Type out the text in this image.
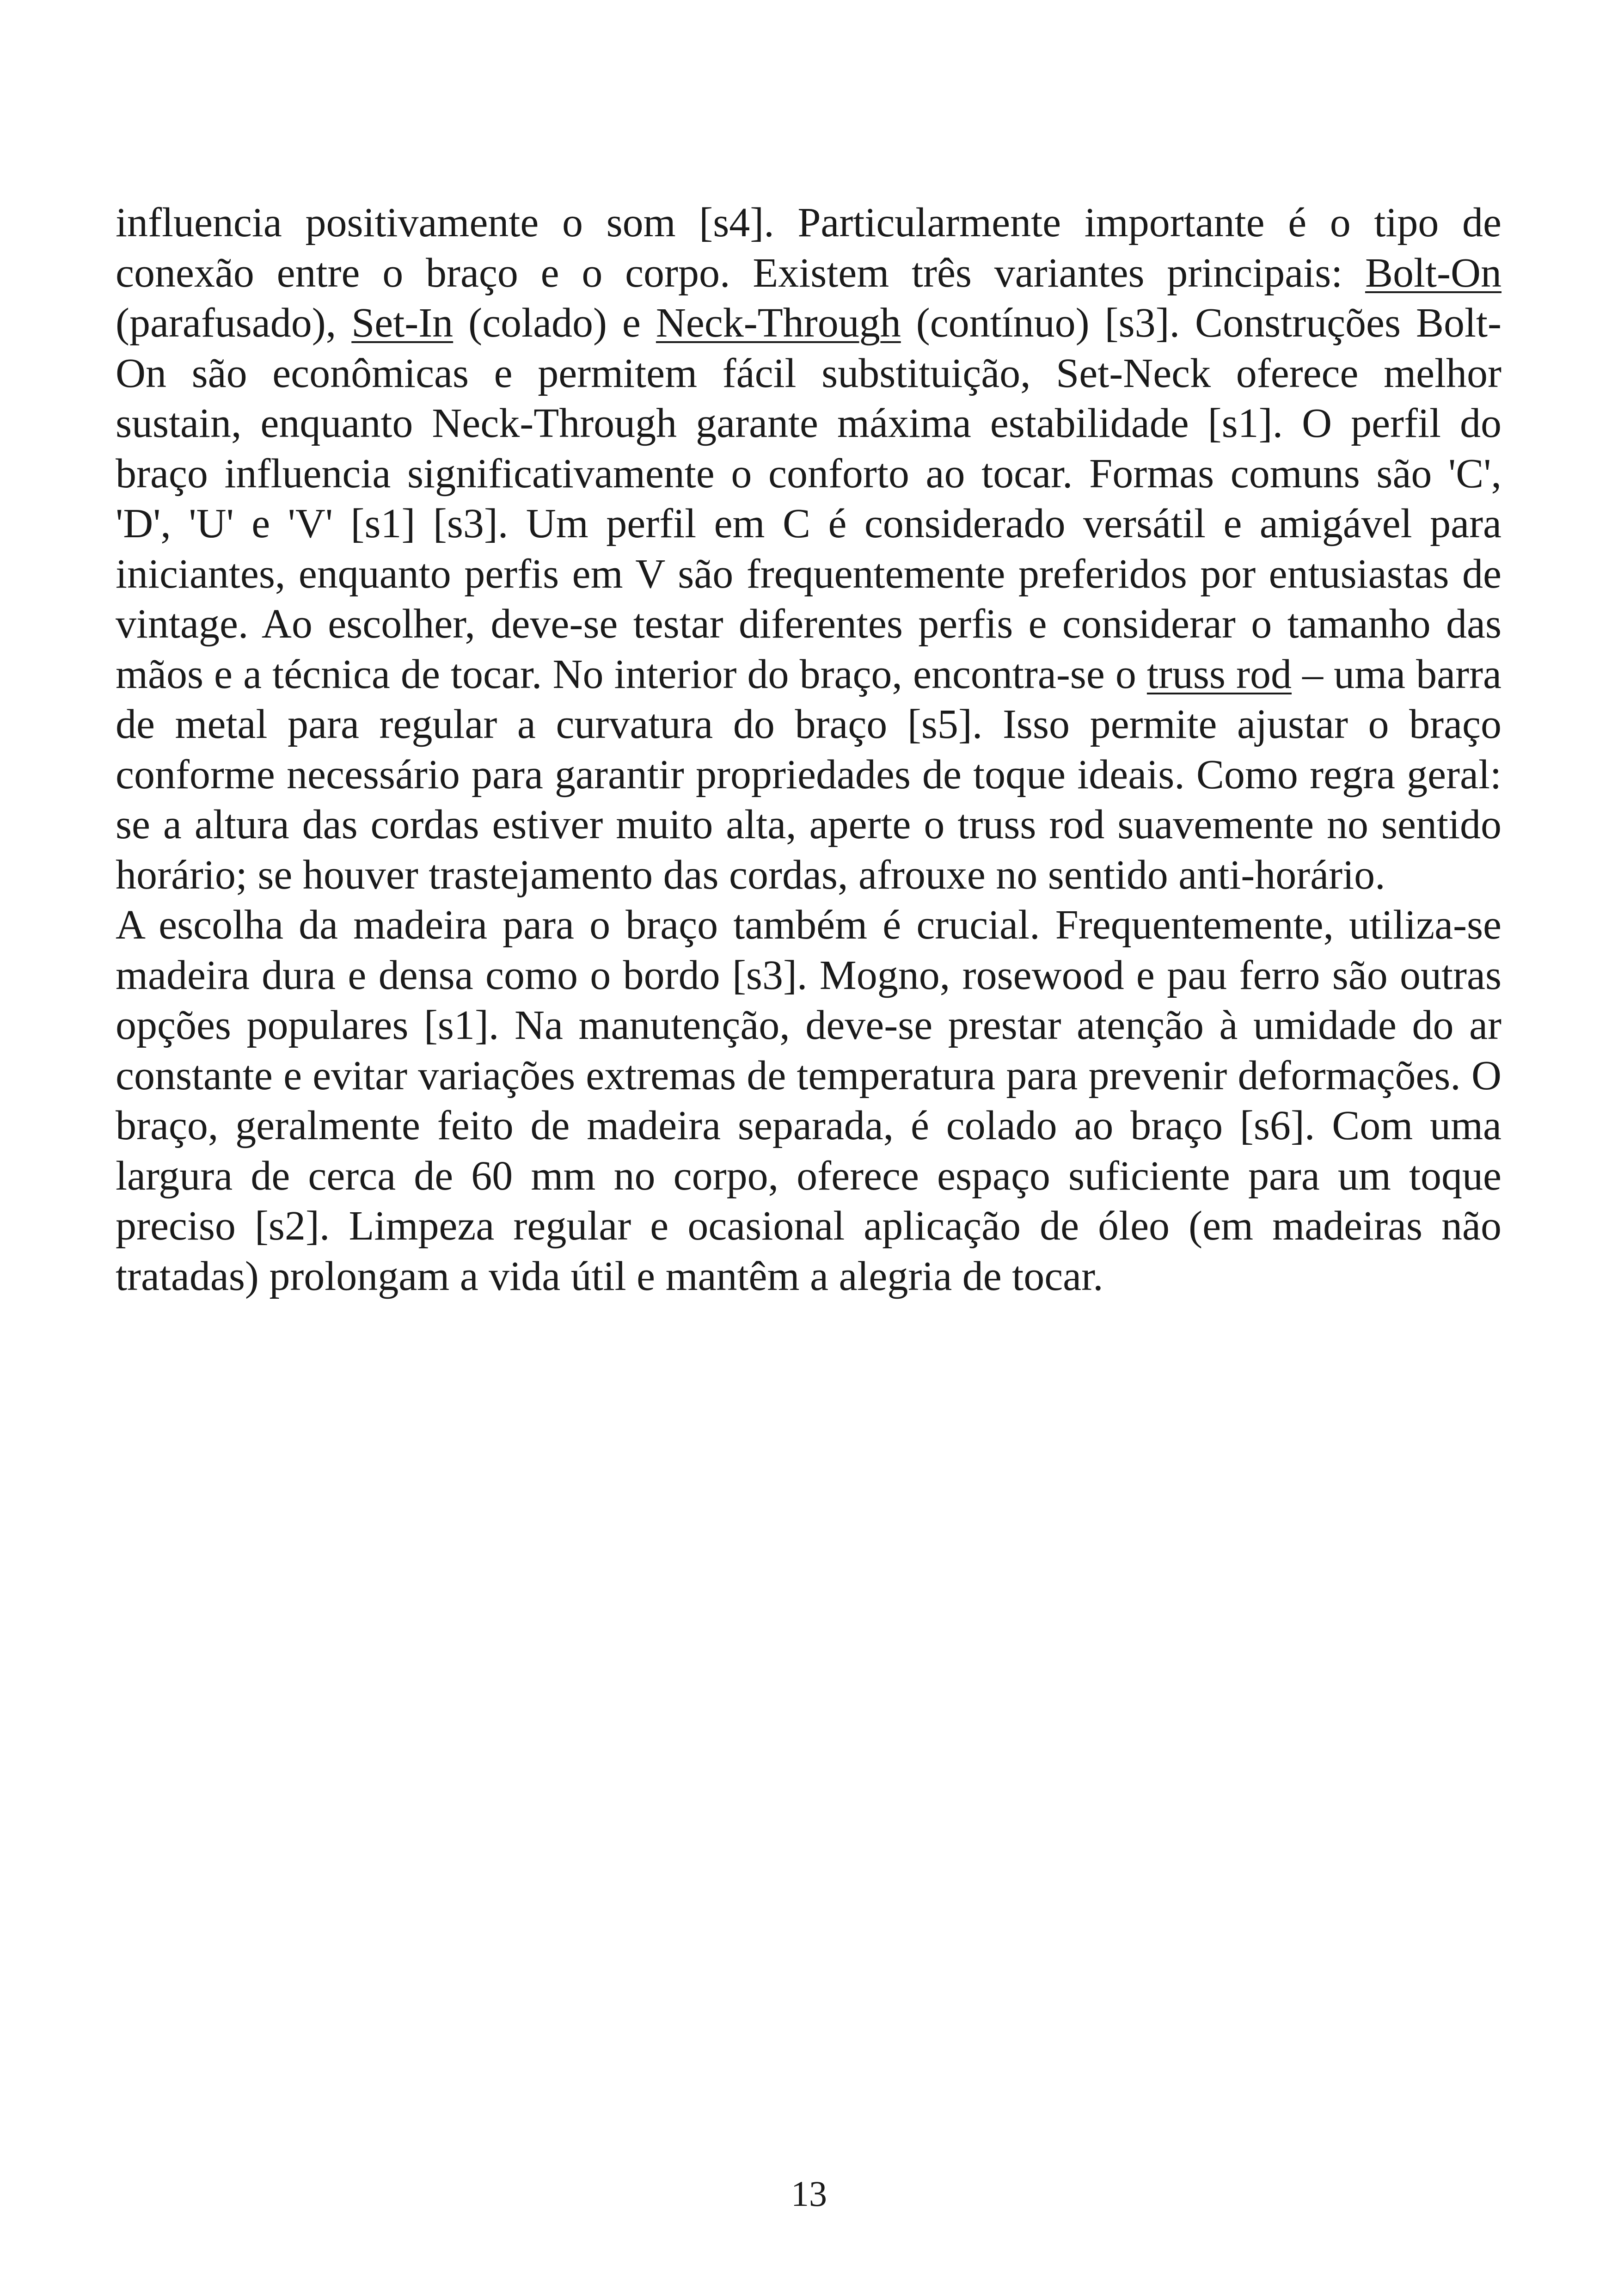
influencia positivamente o som [s4]. Particularmente importante é o tipo de conexão entre o braço e o corpo. Existem três variantes principais: Bolt-On (parafusado), Set-In (colado) e Neck-Through (contínuo) [s3]. Construções Bolt-On são econômicas e permitem fácil substituição, Set-Neck oferece melhor sustain, enquanto Neck-Through garante máxima estabilidade [s1]. O perfil do braço influencia significativamente o conforto ao tocar. Formas comuns são 'C', 'D', 'U' e 'V' [s1] [s3]. Um perfil em C é considerado versátil e amigável para iniciantes, enquanto perfis em V são frequentemente preferidos por entusiastas de vintage. Ao escolher, deve-se testar diferentes perfis e considerar o tamanho das mãos e a técnica de tocar. No interior do braço, encontra-se o truss rod – uma barra de metal para regular a curvatura do braço [s5]. Isso permite ajustar o braço conforme necessário para garantir propriedades de toque ideais. Como regra geral: se a altura das cordas estiver muito alta, aperte o truss rod suavemente no sentido horário; se houver trastejamento das cordas, afrouxe no sentido anti-horário.

A escolha da madeira para o braço também é crucial. Frequentemente, utiliza-se madeira dura e densa como o bordo [s3]. Mogno, rosewood e pau ferro são outras opções populares [s1]. Na manutenção, deve-se prestar atenção à umidade do ar constante e evitar variações extremas de temperatura para prevenir deformações. O braço, geralmente feito de madeira separada, é colado ao braço [s6]. Com uma largura de cerca de 60 mm no corpo, oferece espaço suficiente para um toque preciso [s2]. Limpeza regular e ocasional aplicação de óleo (em madeiras não tratadas) prolongam a vida útil e mantêm a alegria de tocar.

13
